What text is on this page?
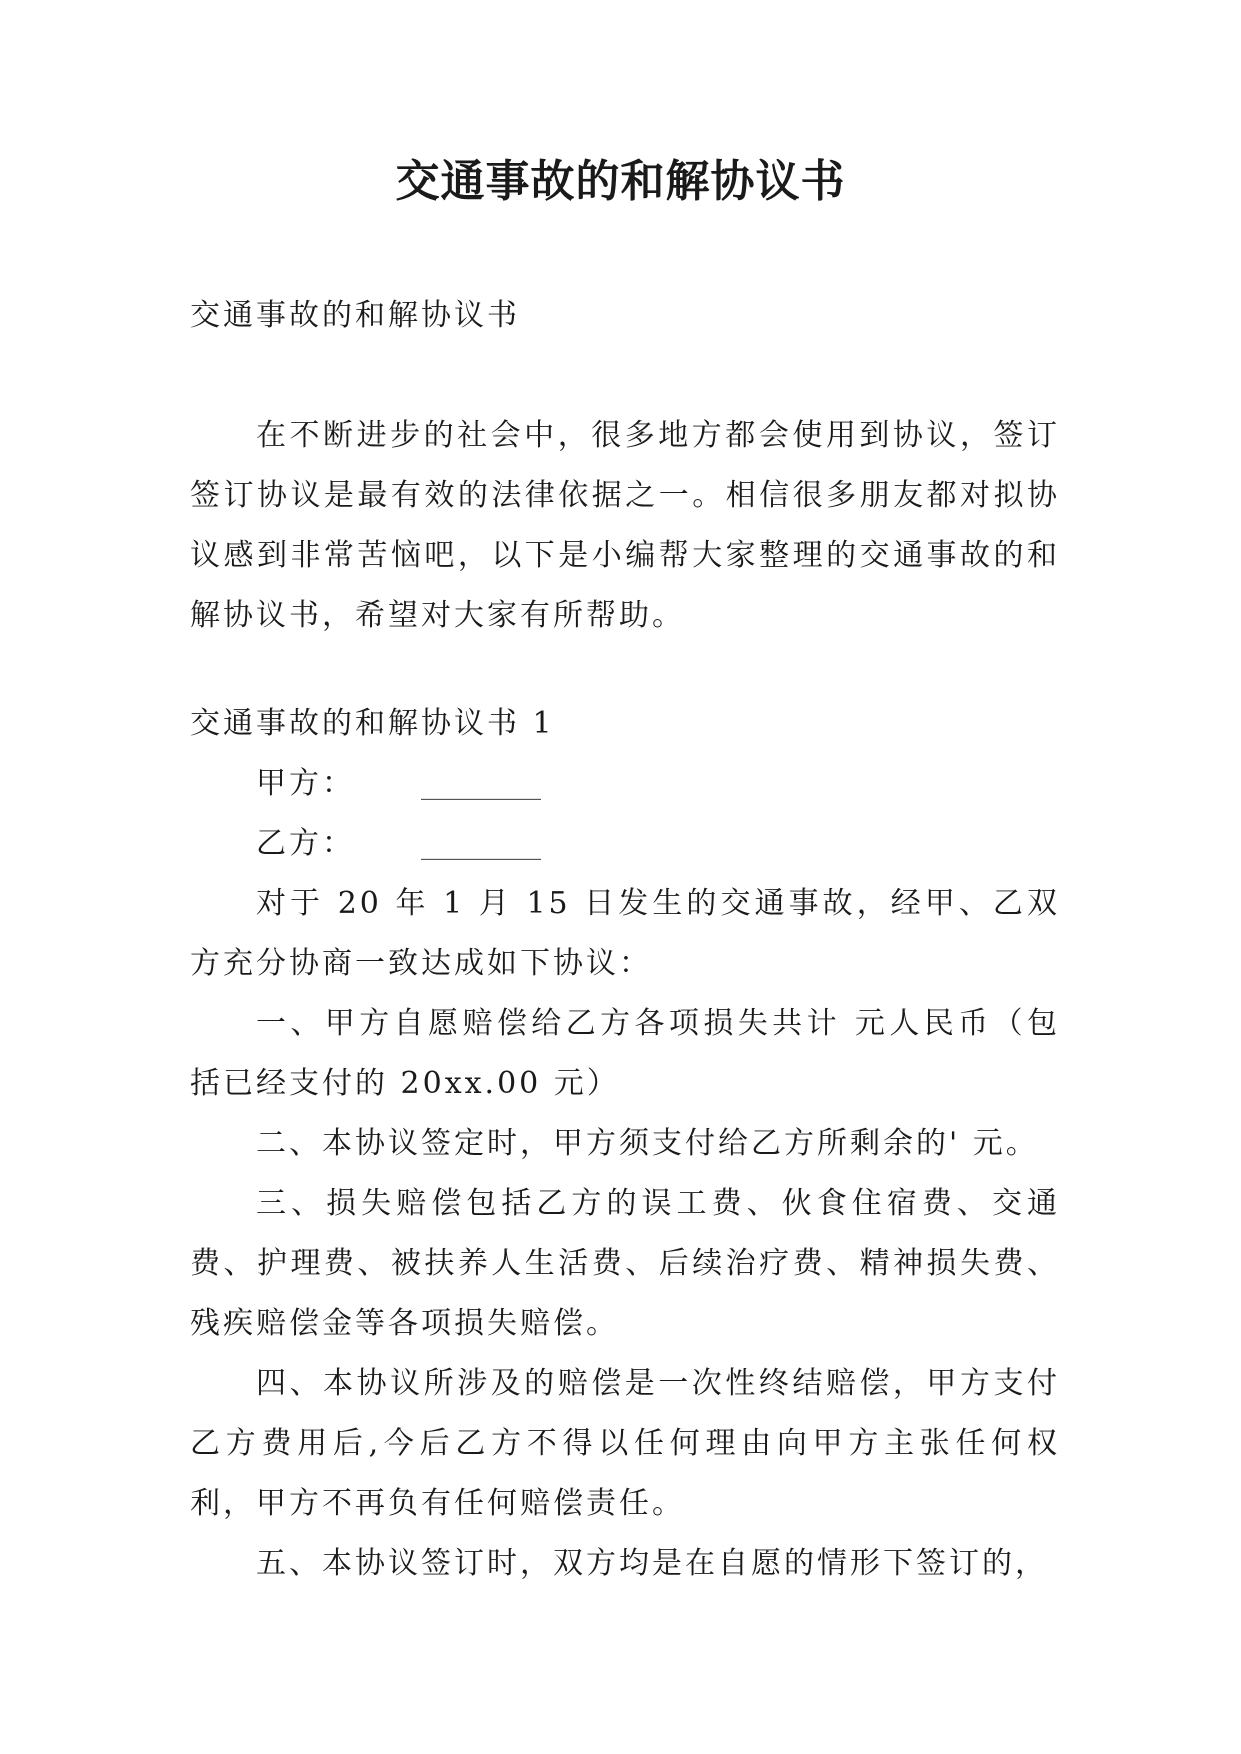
交通事故的和解协议书
交通事故的和解协议书
在不断进步的社会中，很多地方都会使用到协议，签订签订协议是最有效的法律依据之一。相信很多朋友都对拟协议感到非常苦恼吧，以下是小编帮大家整理的交通事故的和解协议书，希望对大家有所帮助。
交通事故的和解协议书 1

甲方： ________

乙方： ________

对于 20 年 1 月 15 日发生的交通事故，经甲、乙双方充分协商一致达成如下协议：

一、甲方自愿赔偿给乙方各项损失共计 元人民币（包括已经支付的 20xx.00 元）

二、本协议签定时，甲方须支付给乙方所剩余的' 元。

三、损失赔偿包括乙方的误工费、伙食住宿费、交通费、护理费、被扶养人生活费、后续治疗费、精神损失费、残疾赔偿金等各项损失赔偿。

四、本协议所涉及的赔偿是一次性终结赔偿，甲方支付乙方费用后,今后乙方不得以任何理由向甲方主张任何权利，甲方不再负有任何赔偿责任。

五、本协议签订时，双方均是在自愿的情形下签订的，
